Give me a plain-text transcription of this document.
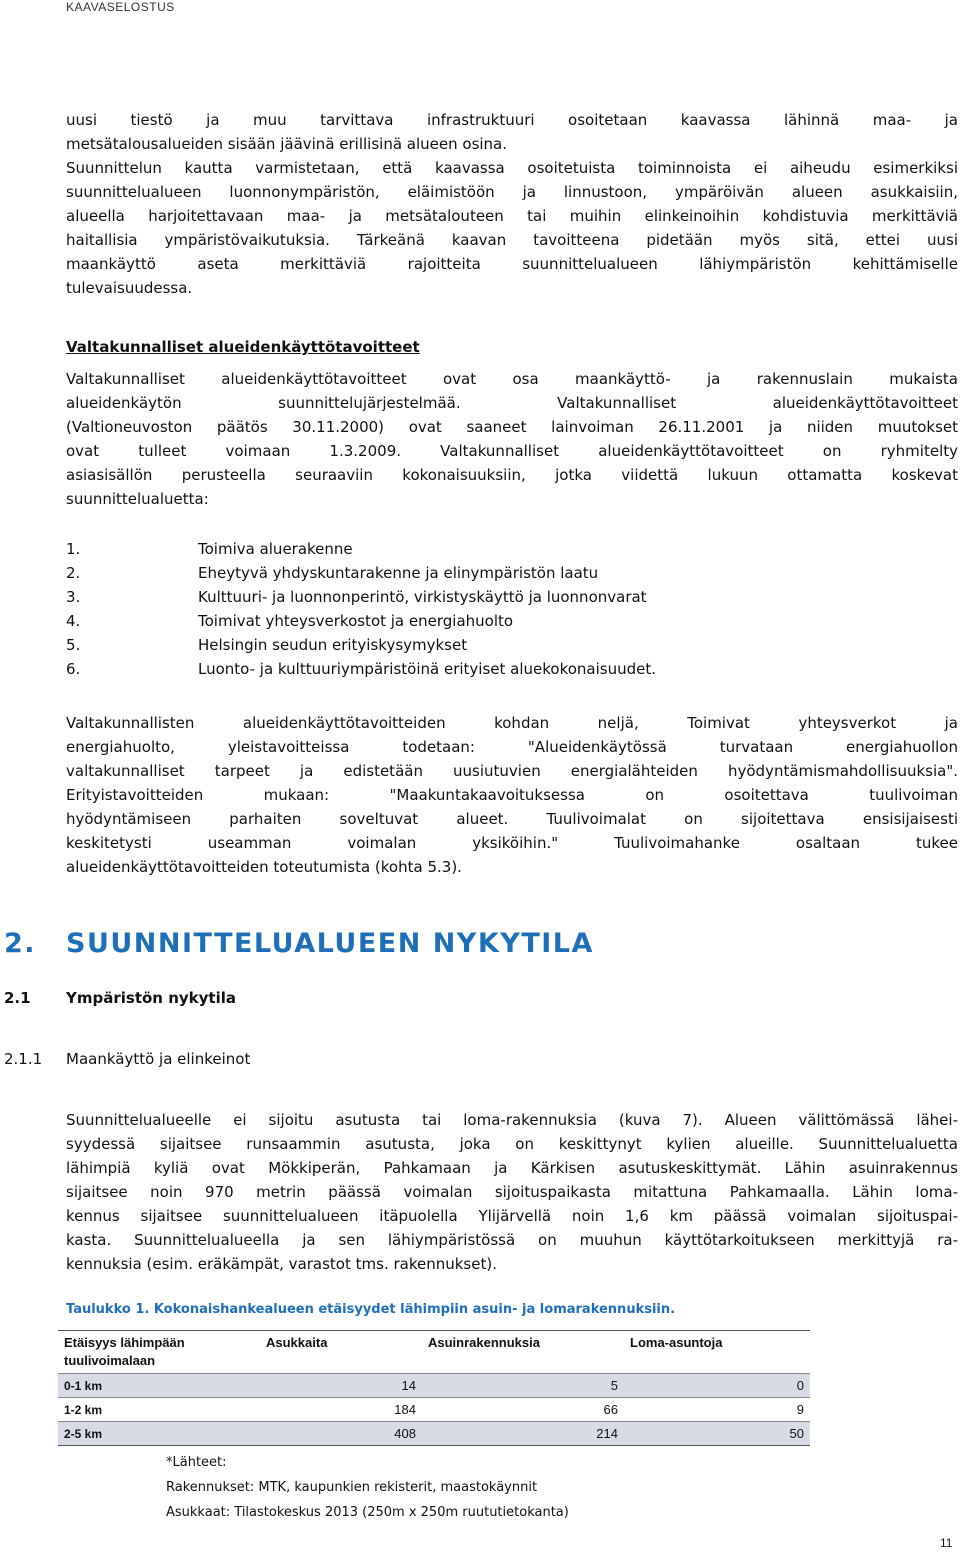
KAAVASELOSTUS

uusi tiestö ja muu tarvittava infrastruktuuri osoitetaan kaavassa lähinnä maa- ja
metsätalousalueiden sisään jäävinä erillisinä alueen osina.
Suunnittelun kautta varmistetaan, että kaavassa osoitetuista toiminnoista ei aiheudu esimerkiksi
suunnittelualueen luonnonympäristön, eläimistöön ja linnustoon, ympäröivän alueen asukkaisiin,
alueella harjoitettavaan maa- ja metsätalouteen tai muihin elinkeinoihin kohdistuvia merkittäviä
haitallisia ympäristövaikutuksia. Tärkeänä kaavan tavoitteena pidetään myös sitä, ettei uusi
maankäyttö aseta merkittäviä rajoitteita suunnittelualueen lähiympäristön kehittämiselle
tulevaisuudessa.

Valtakunnalliset alueidenkäyttötavoitteet

Valtakunnalliset alueidenkäyttötavoitteet ovat osa maankäyttö- ja rakennuslain mukaista
alueidenkäytön suunnittelujärjestelmää. Valtakunnalliset alueidenkäyttötavoitteet
(Valtioneuvoston päätös 30.11.2000) ovat saaneet lainvoiman 26.11.2001 ja niiden muutokset
ovat tulleet voimaan 1.3.2009. Valtakunnalliset alueidenkäyttötavoitteet on ryhmitelty
asiasisällön perusteella seuraaviin kokonaisuuksiin, jotka viidettä lukuun ottamatta koskevat
suunnittelualuetta:

1.	Toimiva aluerakenne
2.	Eheytyvä yhdyskuntarakenne ja elinympäristön laatu
3.	Kulttuuri- ja luonnonperintö, virkistyskäyttö ja luonnonvarat
4.	Toimivat yhteysverkostot ja energiahuolto
5.	Helsingin seudun erityiskysymykset
6.	Luonto- ja kulttuuriympäristöinä erityiset aluekokonaisuudet.

Valtakunnallisten alueidenkäyttötavoitteiden kohdan neljä, Toimivat yhteysverkot ja
energiahuolto, yleistavoitteissa todetaan: "Alueidenkäytössä turvataan energiahuollon
valtakunnalliset tarpeet ja edistetään uusiutuvien energialähteiden hyödyntämismahdollisuuksia".
Erityistavoitteiden mukaan: "Maakuntakaavoituksessa on osoitettava tuulivoiman
hyödyntämiseen parhaiten soveltuvat alueet. Tuulivoimalat on sijoitettava ensisijaisesti
keskitetysti useamman voimalan yksiköihin." Tuulivoimahanke osaltaan tukee
alueidenkäyttötavoitteiden toteutumista (kohta 5.3).

2. SUUNNITTELUALUEEN NYKYTILA
2.1 Ympäristön nykytila
2.1.1 Maankäyttö ja elinkeinot

Suunnittelualueelle ei sijoitu asutusta tai loma-rakennuksia (kuva 7). Alueen välittömässä lähei-
syydessä sijaitsee runsaammin asutusta, joka on keskittynyt kylien alueille. Suunnittelualuetta
lähimpiä kyliä ovat Mökkiperän, Pahkamaan ja Kärkisen asutuskeskittymät. Lähin asuinrakennus
sijaitsee noin 970 metrin päässä voimalan sijoituspaikasta mitattuna Pahkamaalla. Lähin loma-
kennus sijaitsee suunnittelualueen itäpuolella Ylijärvellä noin 1,6 km päässä voimalan sijoituspai-
kasta. Suunnittelualueella ja sen lähiympäristössä on muuhun käyttötarkoitukseen merkittyjä ra-
kennuksia (esim. eräkämpät, varastot tms. rakennukset).

Taulukko 1. Kokonaishankealueen etäisyydet lähimpiin asuin- ja lomarakennuksiin.
Etäisyys lähimpään tuulivoimalaan	Asukkaita	Asuinrakennuksia	Loma-asuntoja
0-1 km	14	5	0
1-2 km	184	66	9
2-5 km	408	214	50
*Lähteet:
Rakennukset: MTK, kaupunkien rekisterit, maastokäynnit
Asukkaat: Tilastokeskus 2013 (250m x 250m ruututietokanta)
11
